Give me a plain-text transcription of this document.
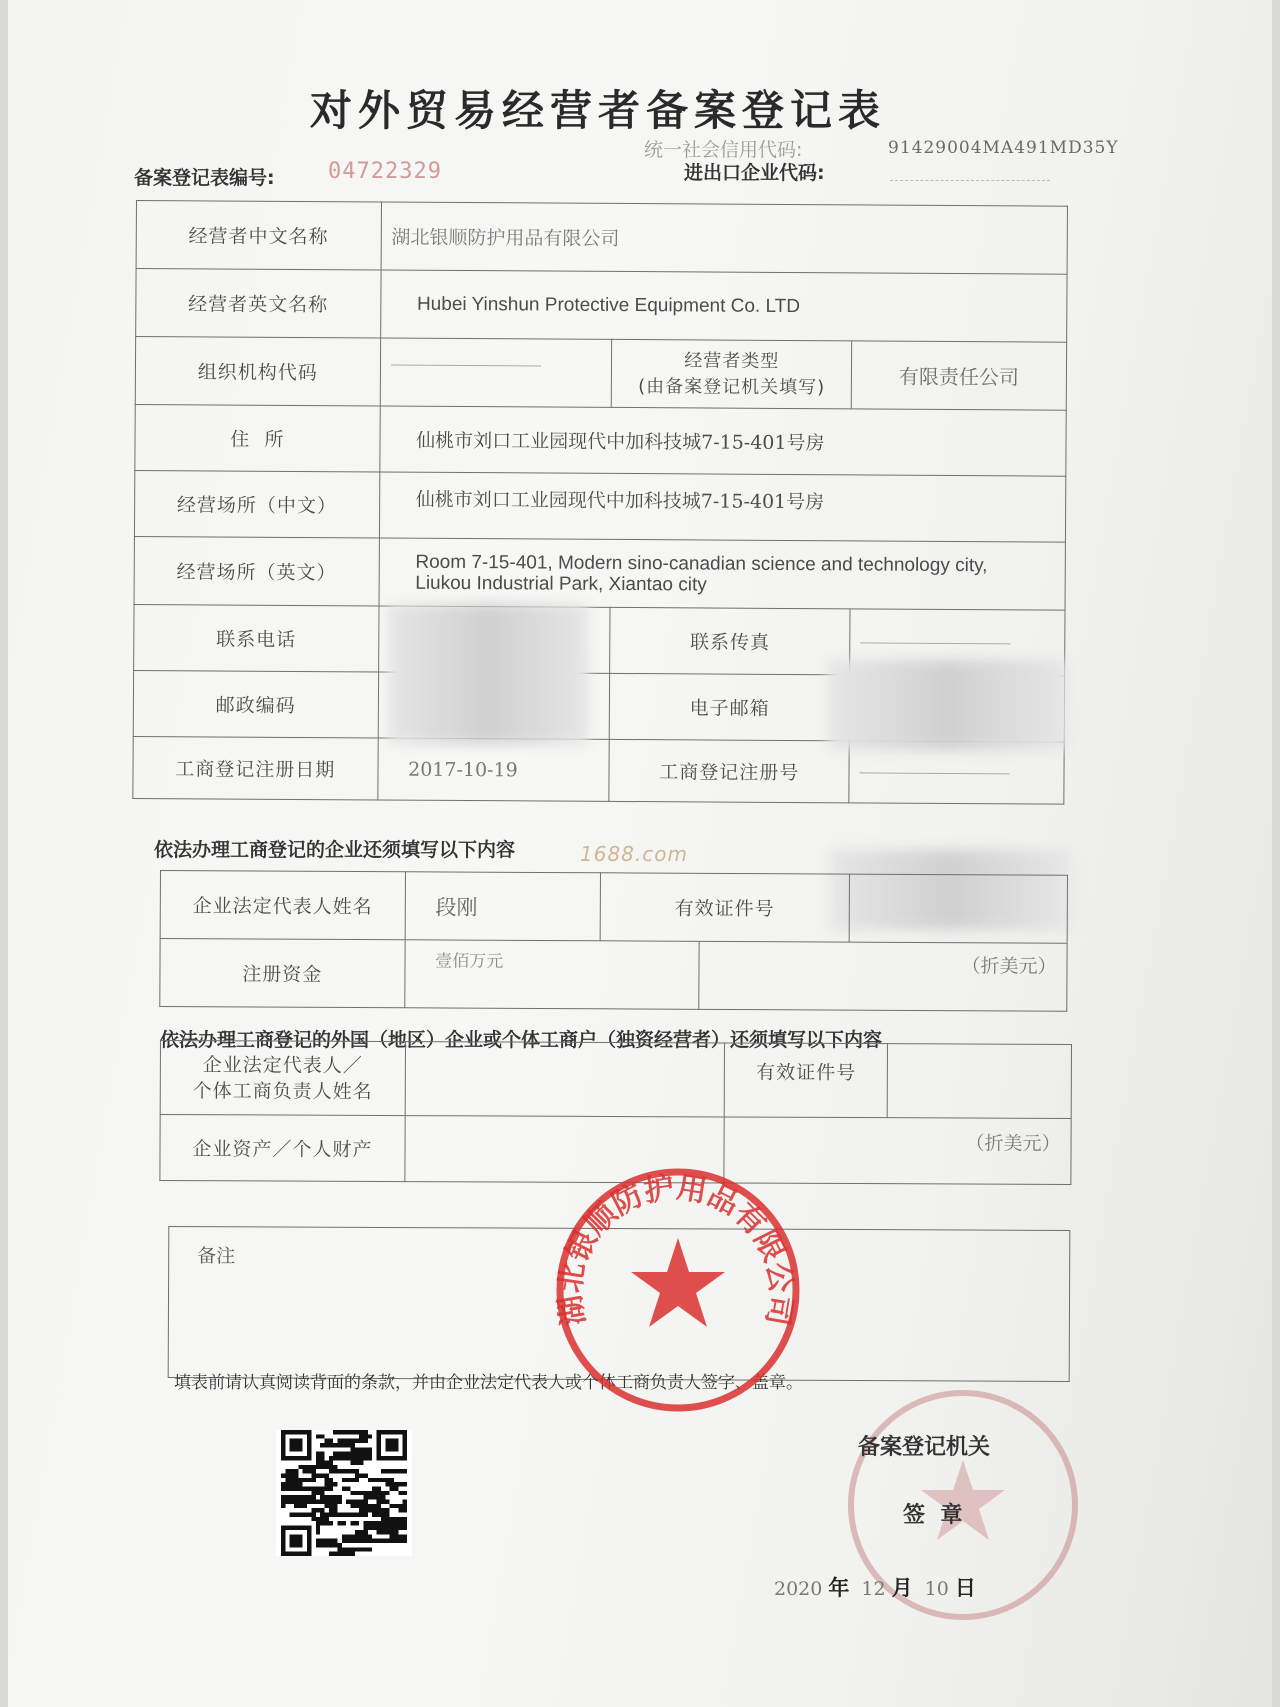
对外贸易经营者备案登记表
统一社会信用代码:	91429004MA491MD35Y
进出口企业代码:
备案登记表编号: 04722329
经营者中文名称	湖北银顺防护用品有限公司		
经营者英文名称	Hubei Yinshun Protective Equipment Co. LTD		
组织机构代码		经营者类型
(由备案登记机关填写)	有限责任公司
住  所	仙桃市刘口工业园现代中加科技城7-15-401号房		
经营场所（中文）	仙桃市刘口工业园现代中加科技城7-15-401号房		
经营场所（英文）	Room 7-15-401, Modern sino-canadian science and technology city,
Liukou Industrial Park, Xiantao city		

联系电话		联系传真	
邮政编码		电子邮箱	
工商登记注册日期	2017-10-19	工商登记注册号	
依法办理工商登记的企业还须填写以下内容	1688.com
企业法定代表人姓名	段刚	有效证件号		
注册资金	壹佰万元		（折美元）	
依法办理工商登记的外国（地区）企业或个体工商户（独资经营者）还须填写以下内容
企业法定代表人／
个体工商负责人姓名		有效证件号	
企业资产／个人财产		（折美元）	
备注
填表前请认真阅读背面的条款，并由企业法定代表人或个体工商负责人签字、盖章。
湖北银顺防护用品有限公司
备案登记机关
签  章
2020 年 12 月 10 日
